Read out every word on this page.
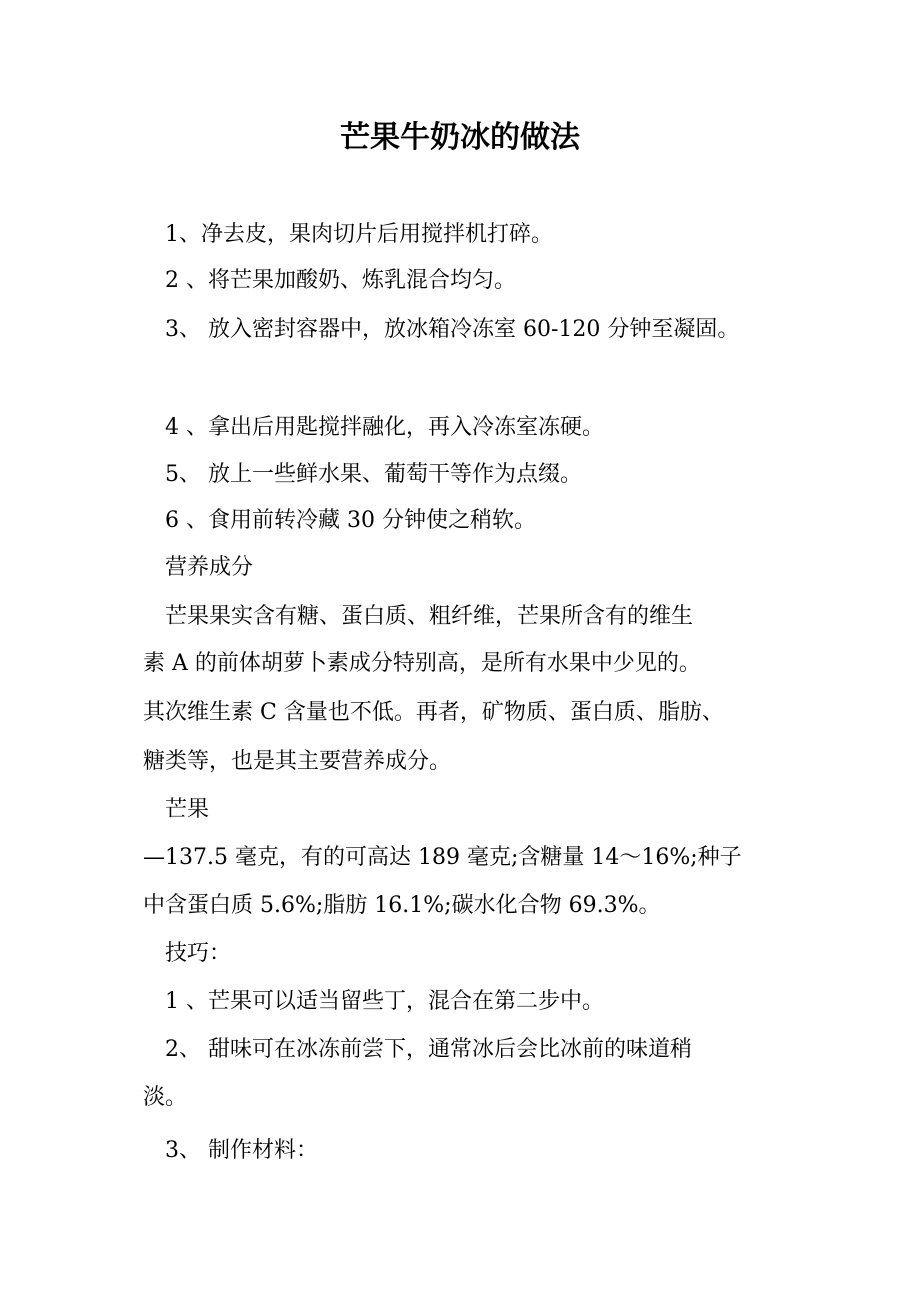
芒果牛奶冰的做法
1、净去皮，果肉切片后用搅拌机打碎。
2 、将芒果加酸奶、炼乳混合均匀。
3、 放入密封容器中，放冰箱冷冻室 60-120 分钟至凝固。
4 、拿出后用匙搅拌融化，再入冷冻室冻硬。
5、 放上一些鲜水果、葡萄干等作为点缀。
6 、食用前转冷藏 30 分钟使之稍软。
营养成分
芒果果实含有糖、蛋白质、粗纤维，芒果所含有的维生
素 A 的前体胡萝卜素成分特别高，是所有水果中少见的。
其次维生素 C 含量也不低。再者，矿物质、蛋白质、脂肪、
糖类等，也是其主要营养成分。
芒果
—137.5 毫克，有的可高达 189 毫克;含糖量 14～16%;种子
中含蛋白质 5.6%;脂肪 16.1%;碳水化合物 69.3%。
技巧：
1 、芒果可以适当留些丁，混合在第二步中。
2、 甜味可在冰冻前尝下，通常冰后会比冰前的味道稍
淡。
3、 制作材料：
